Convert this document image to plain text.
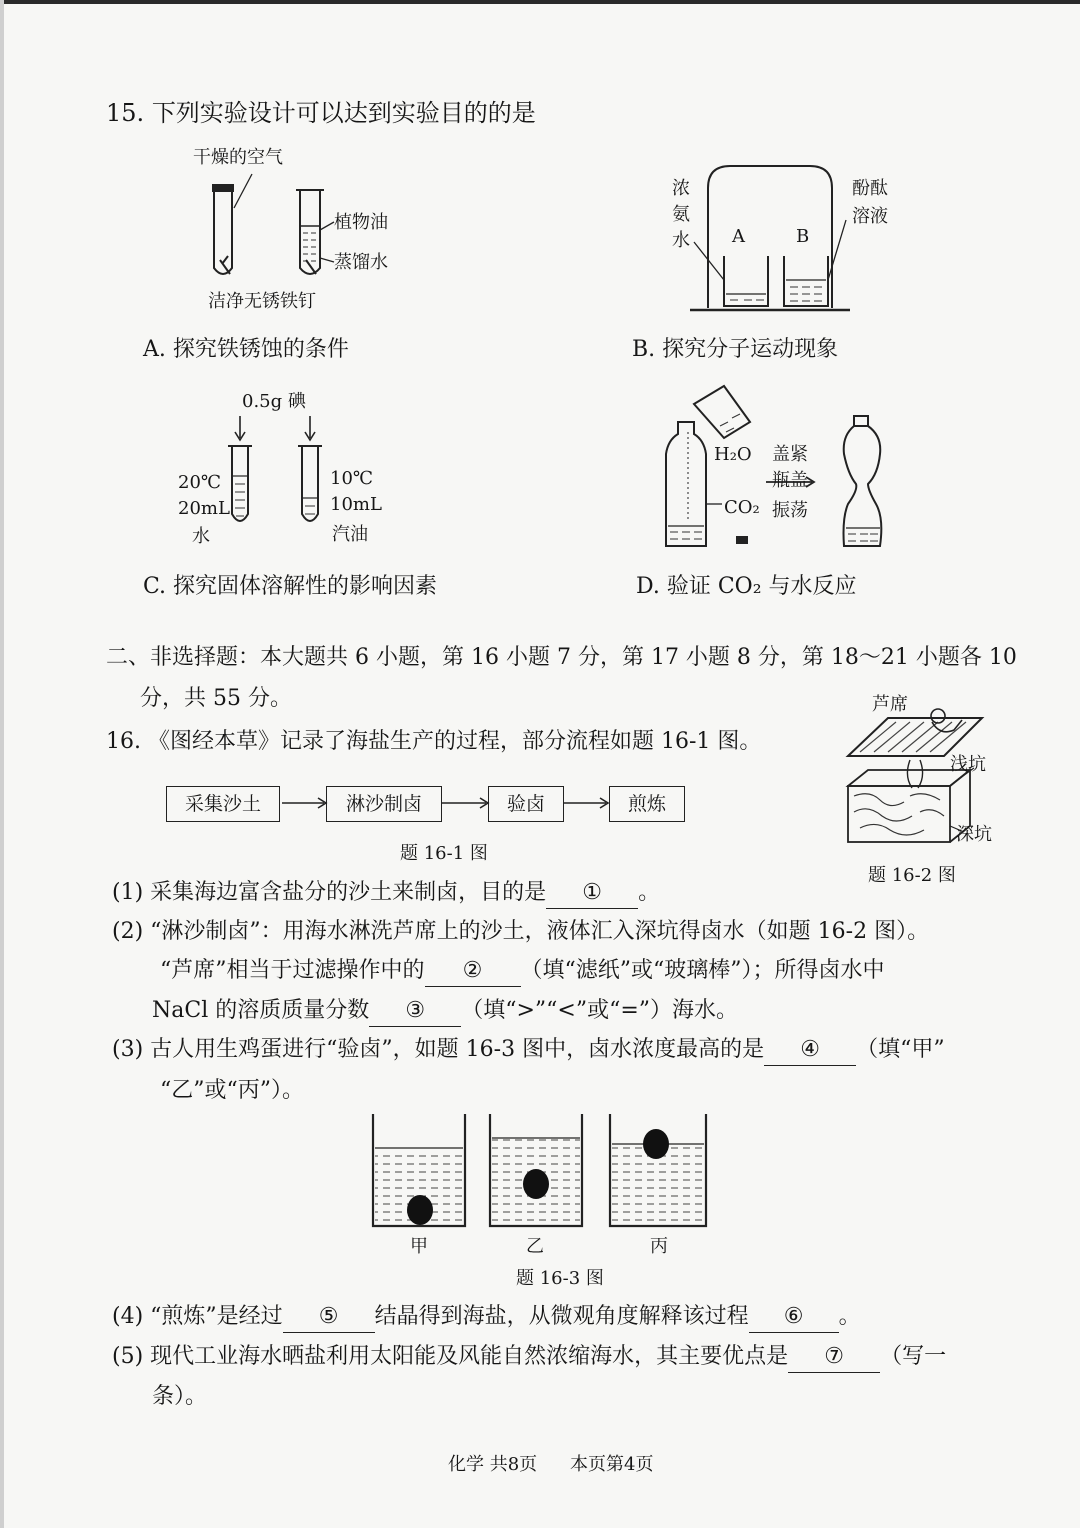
15. 下列实验设计可以达到实验目的的是
干燥的空气
植物油
蒸馏水
洁净无锈铁钉
A. 探究铁锈蚀的条件
浓
氨
水 A	B
酚酞
溶液
B. 探究分子运动现象
0.5g 碘
20℃
20mL
水
10℃
10mL
汽油
C. 探究固体溶解性的影响因素
H₂O
CO₂
盖紧
瓶盖
振荡
D. 验证 CO₂ 与水反应
二、非选择题：本大题共 6 小题，第 16 小题 7 分，第 17 小题 8 分，第 18～21 小题各 10
分，共 55 分。
16. 《图经本草》记录了海盐生产的过程，部分流程如题 16-1 图。
采集沙土	淋沙制卤	验卤	煎炼
题 16-1 图
芦席
浅坑
深坑
题 16-2 图
(1) 采集海边富含盐分的沙土来制卤，目的是 ① 。
(2) “淋沙制卤”：用海水淋洗芦席上的沙土，液体汇入深坑得卤水（如题 16-2 图）。
“芦席”相当于过滤操作中的 ② （填“滤纸”或“玻璃棒”）；所得卤水中
NaCl 的溶质质量分数 ③ （填“>”“<”或“=”）海水。
(3) 古人用生鸡蛋进行“验卤”，如题 16-3 图中，卤水浓度最高的是 ④ （填“甲”
“乙”或“丙”）。
甲	乙	丙
题 16-3 图
(4) “煎炼”是经过 ⑤ 结晶得到海盐，从微观角度解释该过程 ⑥ 。
(5) 现代工业海水晒盐利用太阳能及风能自然浓缩海水，其主要优点是 ⑦ （写一
条）。
化学 共8页 本页第4页
